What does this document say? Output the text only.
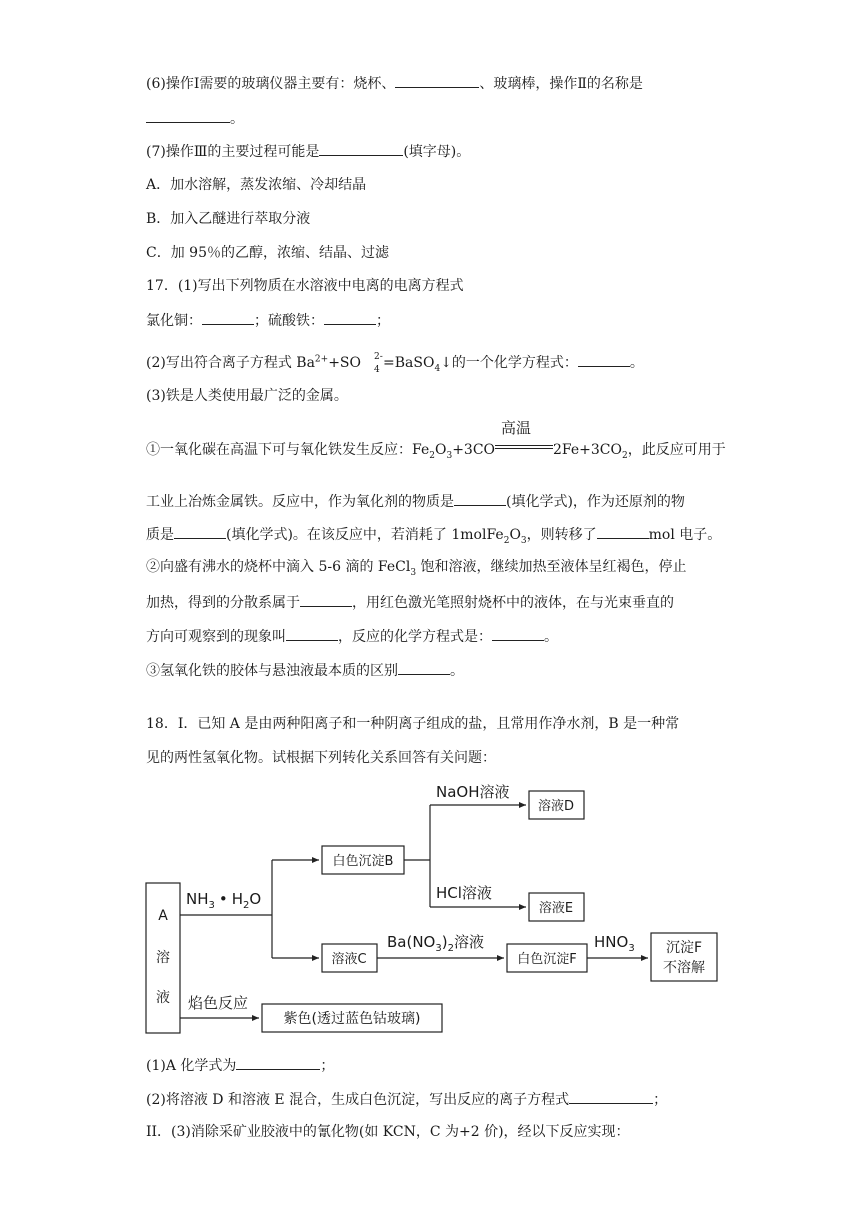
(6)操作Ⅰ需要的玻璃仪器主要有：烧杯、	、玻璃棒，操作Ⅱ的名称是
。
(7)操作Ⅲ的主要过程可能是	(填字母)。
A．加水溶解，蒸发浓缩、冷却结晶
B．加入乙醚进行萃取分液
C．加 95％的乙醇，浓缩、结晶、过滤
17．(1)写出下列物质在水溶液中电离的电离方程式
氯化铜：	；硫酸铁：	；
(2)写出符合离子方程式 $Ba^{2+}+SO$ 2-
4 =BaSO$_4$↓的一个化学方程式：	。
(3)铁是人类使用最广泛的金属。
①一氧化碳在高温下可与氧化铁发生反应：$Fe_2O_3+3CO$
高温
$2Fe+3CO_2$，此反应可用于
工业上冶炼金属铁。反应中，作为氧化剂的物质是	(填化学式)，作为还原剂的物
质是	(填化学式)。在该反应中，若消耗了 $1molFe_2O_3$，则转移了	mol 电子。
②向盛有沸水的烧杯中滴入 5-6 滴的 FeCl$_3$ 饱和溶液，继续加热至液体呈红褐色，停止
加热，得到的分散系属于	，用红色激光笔照射烧杯中的液体，在与光束垂直的
方向可观察到的现象叫	，反应的化学方程式是：	。
③氢氧化铁的胶体与悬浊液最本质的区别	。
18．I．已知 A 是由两种阳离子和一种阴离子组成的盐，且常用作净水剂，B 是一种常
见的两性氢氧化物。试根据下列转化关系回答有关问题：
A
溶
液
$NH_3$ • $H_2O$
白色沉淀B
NaOH溶液
溶液D
HCl溶液
溶液E
溶液C
$Ba(NO_3)_2$溶液
白色沉淀F
$HNO_3$ 沉淀F
不溶解
焰色反应
紫色(透过蓝色钴玻璃)
(1)A 化学式为	；
(2)将溶液 D 和溶液 E 混合，生成白色沉淀，写出反应的离子方程式	；
II．(3)消除采矿业胶液中的氰化物(如 KCN，C 为+2 价)，经以下反应实现：
